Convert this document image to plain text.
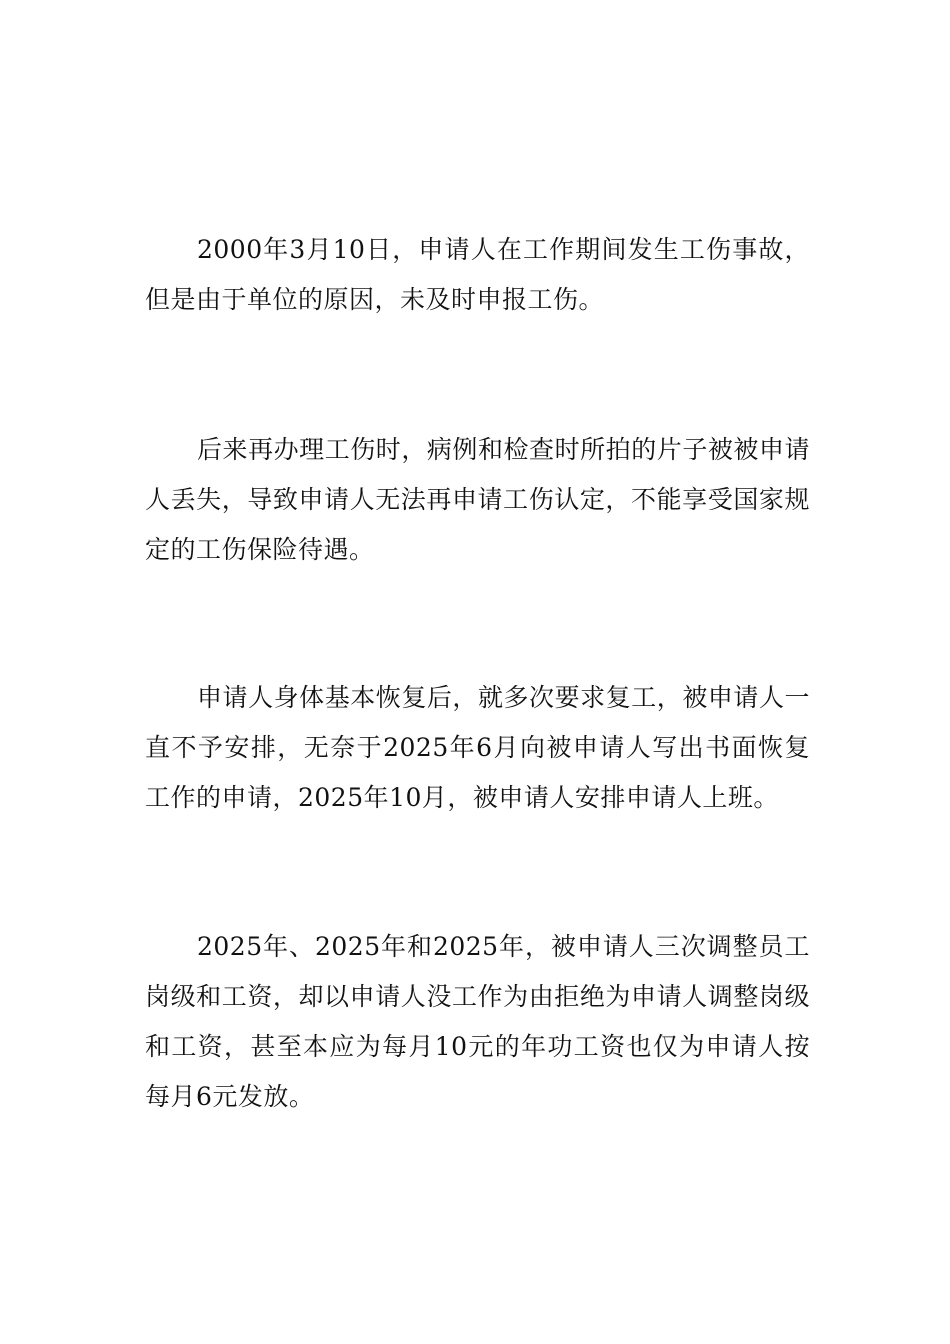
2000年3月10日，申请人在工作期间发生工伤事故，但是由于单位的原因，未及时申报工伤。

后来再办理工伤时，病例和检查时所拍的片子被被申请人丢失，导致申请人无法再申请工伤认定，不能享受国家规定的工伤保险待遇。

申请人身体基本恢复后，就多次要求复工，被申请人一直不予安排，无奈于2025年6月向被申请人写出书面恢复工作的申请，2025年10月，被申请人安排申请人上班。

2025年、2025年和2025年，被申请人三次调整员工岗级和工资，却以申请人没工作为由拒绝为申请人调整岗级和工资，甚至本应为每月10元的年功工资也仅为申请人按每月6元发放。
